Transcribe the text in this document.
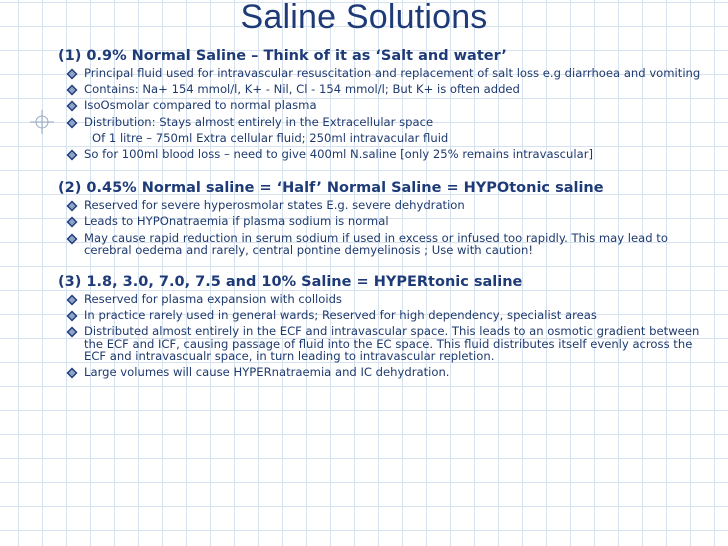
Saline Solutions
(1) 0.9% Normal Saline – Think of it as ‘Salt and water’
Principal fluid used for intravascular resuscitation and replacement of salt loss e.g diarrhoea and vomiting
Contains: Na+ 154 mmol/l, K+ - Nil, Cl - 154 mmol/l; But K+ is often added
IsoOsmolar compared to normal plasma
Distribution: Stays almost entirely in the Extracellular space
Of 1 litre – 750ml Extra cellular fluid; 250ml intravacular fluid
So for 100ml blood loss – need to give 400ml N.saline [only 25% remains intravascular]
(2) 0.45% Normal saline = ‘Half’ Normal Saline = HYPOtonic saline
Reserved for severe hyperosmolar states E.g. severe dehydration
Leads to HYPOnatraemia if plasma sodium is normal
May cause rapid reduction in serum sodium if used in excess or infused too rapidly. This may lead to cerebral oedema and rarely, central pontine demyelinosis ; Use with caution!
(3) 1.8, 3.0, 7.0, 7.5 and 10% Saline = HYPERtonic saline
Reserved for plasma expansion with colloids
In practice rarely used in general wards; Reserved for high dependency, specialist areas
Distributed almost entirely in the ECF and intravascular space. This leads to an osmotic gradient between the ECF and ICF, causing passage of fluid into the EC space. This fluid distributes itself evenly across the ECF and intravascualr space, in turn leading to intravascular repletion.
Large volumes will cause HYPERnatraemia and IC dehydration.
